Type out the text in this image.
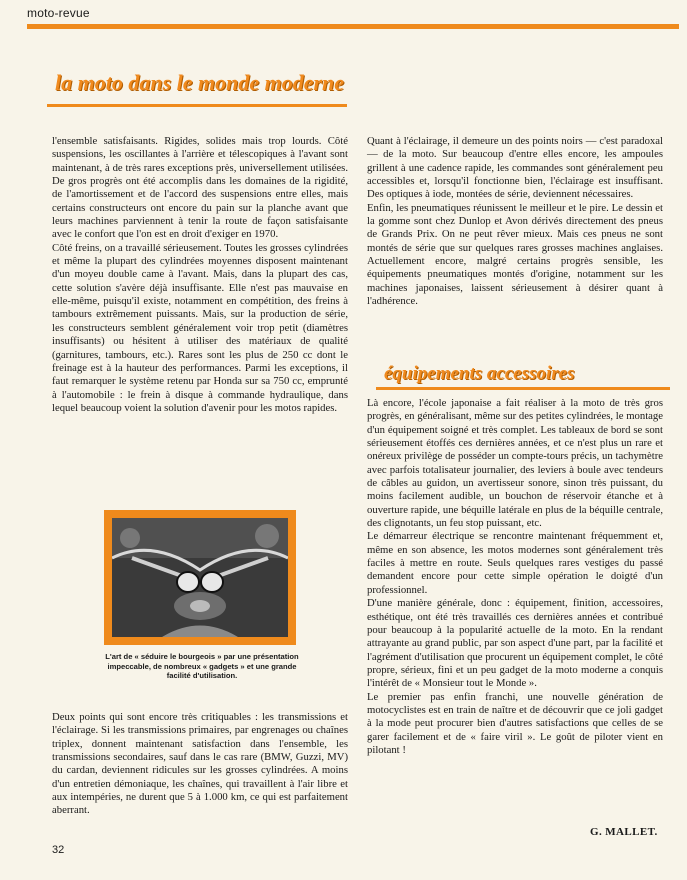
moto-revue
la moto dans le monde moderne

l'ensemble satisfaisants. Rigides, solides mais trop lourds. Côté suspensions, les oscillantes à l'arrière et télescopiques à l'avant sont maintenant, à de très rares exceptions près, universellement utilisées. De gros progrès ont été accomplis dans les domaines de la rigidité, de l'amortissement et de l'accord des suspensions entre elles, mais certains constructeurs ont encore du pain sur la planche avant que leurs machines parviennent à tenir la route de façon satisfaisante avec le confort que l'on est en droit d'exiger en 1970.

Côté freins, on a travaillé sérieusement. Toutes les grosses cylindrées et même la plupart des cylindrées moyennes disposent maintenant d'un moyeu double came à l'avant. Mais, dans la plupart des cas, cette solution s'avère déjà insuffisante. Elle n'est pas mauvaise en elle-même, puisqu'il existe, notamment en compétition, des freins à tambours extrêmement puissants. Mais, sur la production de série, les constructeurs semblent généralement voir trop petit (diamètres insuffisants) ou hésitent à utiliser des matériaux de qualité (garnitures, tambours, etc.). Rares sont les plus de 250 cc dont le freinage est à la hauteur des performances. Parmi les exceptions, il faut remarquer le système retenu par Honda sur sa 750 cc, emprunté à l'automobile : le frein à disque à commande hydraulique, dans lequel beaucoup voient la solution d'avenir pour les motos rapides.

Quant à l'éclairage, il demeure un des points noirs — c'est paradoxal — de la moto. Sur beaucoup d'entre elles encore, les ampoules grillent à une cadence rapide, les commandes sont généralement peu accessibles et, lorsqu'il fonctionne bien, l'éclairage est insuffisant. Des optiques à iode, montées de série, deviennent nécessaires.

Enfin, les pneumatiques réunissent le meilleur et le pire. Le dessin et la gomme sont chez Dunlop et Avon dérivés directement des pneus de Grands Prix. On ne peut rêver mieux. Mais ces pneus ne sont montés de série que sur quelques rares grosses machines anglaises. Actuellement encore, malgré certains progrès sensible, les équipements pneumatiques montés d'origine, notamment sur les machines japonaises, laissent sérieusement à désirer quant à l'adhérence.

équipements accessoires

Là encore, l'école japonaise a fait réaliser à la moto de très gros progrès, en généralisant, même sur des petites cylindrées, le montage d'un équipement soigné et très complet. Les tableaux de bord se sont sérieusement étoffés ces dernières années, et ce n'est plus un rare et onéreux privilège de posséder un compte-tours précis, un tachymètre avec parfois totalisateur journalier, des leviers à boule avec tendeurs de câbles au guidon, un avertisseur sonore, sinon très puissant, du moins facilement audible, un bouchon de réservoir étanche et à ouverture rapide, une béquille latérale en plus de la béquille centrale, des clignotants, un feu stop puissant, etc.

Le démarreur électrique se rencontre maintenant fréquemment et, même en son absence, les motos modernes sont généralement très faciles à mettre en route. Seuls quelques rares vestiges du passé demandent encore pour cette simple opération le doigté d'un professionnel.

D'une manière générale, donc : équipement, finition, accessoires, esthétique, ont été très travaillés ces dernières années et contribué pour beaucoup à la popularité actuelle de la moto. En la rendant attrayante au grand public, par son aspect d'une part, par la facilité et l'agrément d'utilisation que procurent un équipement complet, le côté propre, sérieux, fini et un peu gadget de la moto moderne a conquis l'intérêt de « Monsieur tout le Monde ».

Le premier pas enfin franchi, une nouvelle génération de motocyclistes est en train de naître et de découvrir que ce joli gadget à la mode peut procurer bien d'autres satisfactions que celles de se garer facilement et de « faire viril ». Le goût de piloter vient en pilotant !

L'art de « séduire le bourgeois » par une présentation impeccable, de nombreux « gadgets » et une grande facilité d'utilisation.

Deux points qui sont encore très critiquables : les transmissions et l'éclairage. Si les transmissions primaires, par engrenages ou chaînes triplex, donnent maintenant satisfaction dans l'ensemble, les transmissions secondaires, sauf dans le cas rare (BMW, Guzzi, MV) du cardan, deviennent ridicules sur les grosses cylindrées. A moins d'un entretien démoniaque, les chaînes, qui travaillent à l'air libre et aux intempéries, ne durent que 5 à 1.000 km, ce qui est parfaitement aberrant.

G. MALLET.
32
